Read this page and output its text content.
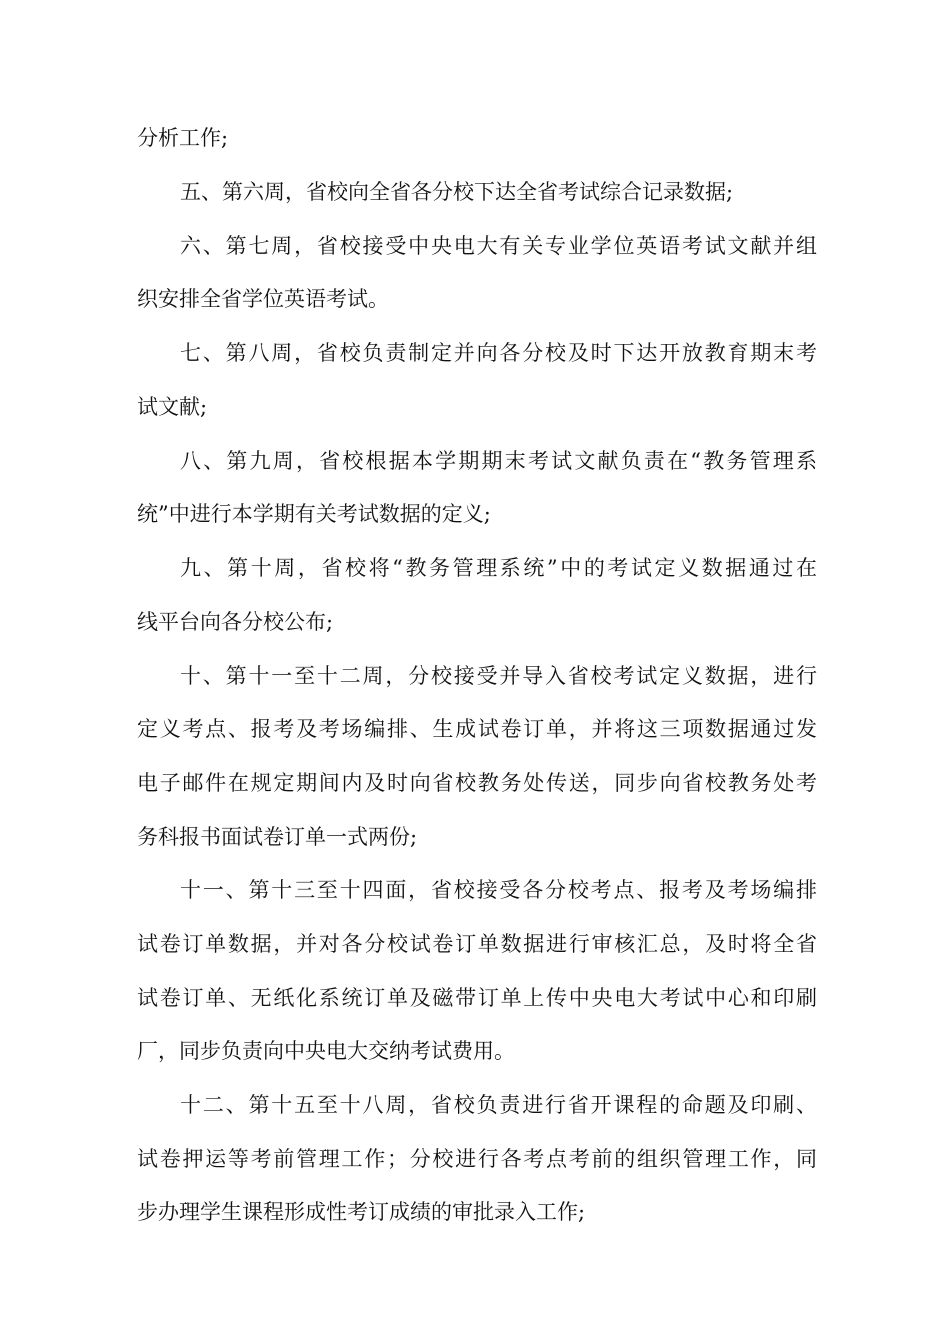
分析工作;
五、第六周，省校向全省各分校下达全省考试综合记录数据;
六、第七周，省校接受中央电大有关专业学位英语考试文献并组
织安排全省学位英语考试。
七、第八周，省校负责制定并向各分校及时下达开放教育期末考
试文献;
八、第九周，省校根据本学期期末考试文献负责在“教务管理系
统”中进行本学期有关考试数据的定义;
九、第十周，省校将“教务管理系统”中的考试定义数据通过在
线平台向各分校公布;
十、第十一至十二周，分校接受并导入省校考试定义数据，进行
定义考点、报考及考场编排、生成试卷订单，并将这三项数据通过发
电子邮件在规定期间内及时向省校教务处传送，同步向省校教务处考
务科报书面试卷订单一式两份;
十一、第十三至十四面，省校接受各分校考点、报考及考场编排
试卷订单数据，并对各分校试卷订单数据进行审核汇总，及时将全省
试卷订单、无纸化系统订单及磁带订单上传中央电大考试中心和印刷
厂，同步负责向中央电大交纳考试费用。
十二、第十五至十八周，省校负责进行省开课程的命题及印刷、
试卷押运等考前管理工作；分校进行各考点考前的组织管理工作，同
步办理学生课程形成性考订成绩的审批录入工作;
